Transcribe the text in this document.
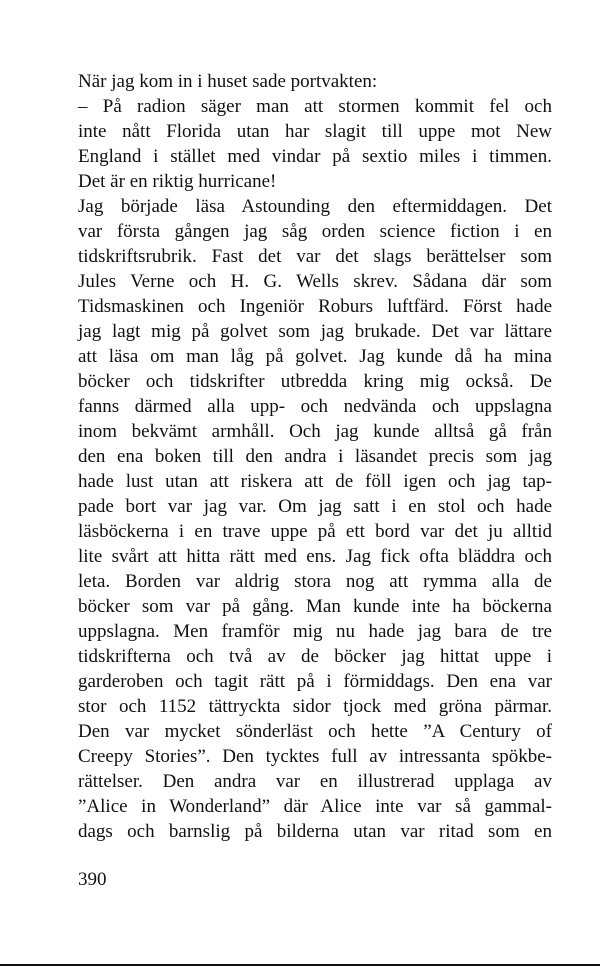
När jag kom in i huset sade portvakten:
– På radion säger man att stormen kommit fel och
inte nått Florida utan har slagit till uppe mot New
England i stället med vindar på sextio miles i timmen.
Det är en riktig hurricane!
Jag började läsa Astounding den eftermiddagen. Det
var första gången jag såg orden science fiction i en
tidskriftsrubrik. Fast det var det slags berättelser som
Jules Verne och H. G. Wells skrev. Sådana där som
Tidsmaskinen och Ingeniör Roburs luftfärd. Först hade
jag lagt mig på golvet som jag brukade. Det var lättare
att läsa om man låg på golvet. Jag kunde då ha mina
böcker och tidskrifter utbredda kring mig också. De
fanns därmed alla upp- och nedvända och uppslagna
inom bekvämt armhåll. Och jag kunde alltså gå från
den ena boken till den andra i läsandet precis som jag
hade lust utan att riskera att de föll igen och jag tap-
pade bort var jag var. Om jag satt i en stol och hade
läsböckerna i en trave uppe på ett bord var det ju alltid
lite svårt att hitta rätt med ens. Jag fick ofta bläddra och
leta. Borden var aldrig stora nog att rymma alla de
böcker som var på gång. Man kunde inte ha böckerna
uppslagna. Men framför mig nu hade jag bara de tre
tidskrifterna och två av de böcker jag hittat uppe i
garderoben och tagit rätt på i förmiddags. Den ena var
stor och 1152 tättryckta sidor tjock med gröna pärmar.
Den var mycket sönderläst och hette ”A Century of
Creepy Stories”. Den tycktes full av intressanta spökbe-
rättelser. Den andra var en illustrerad upplaga av
”Alice in Wonderland” där Alice inte var så gammal-
dags och barnslig på bilderna utan var ritad som en
390
